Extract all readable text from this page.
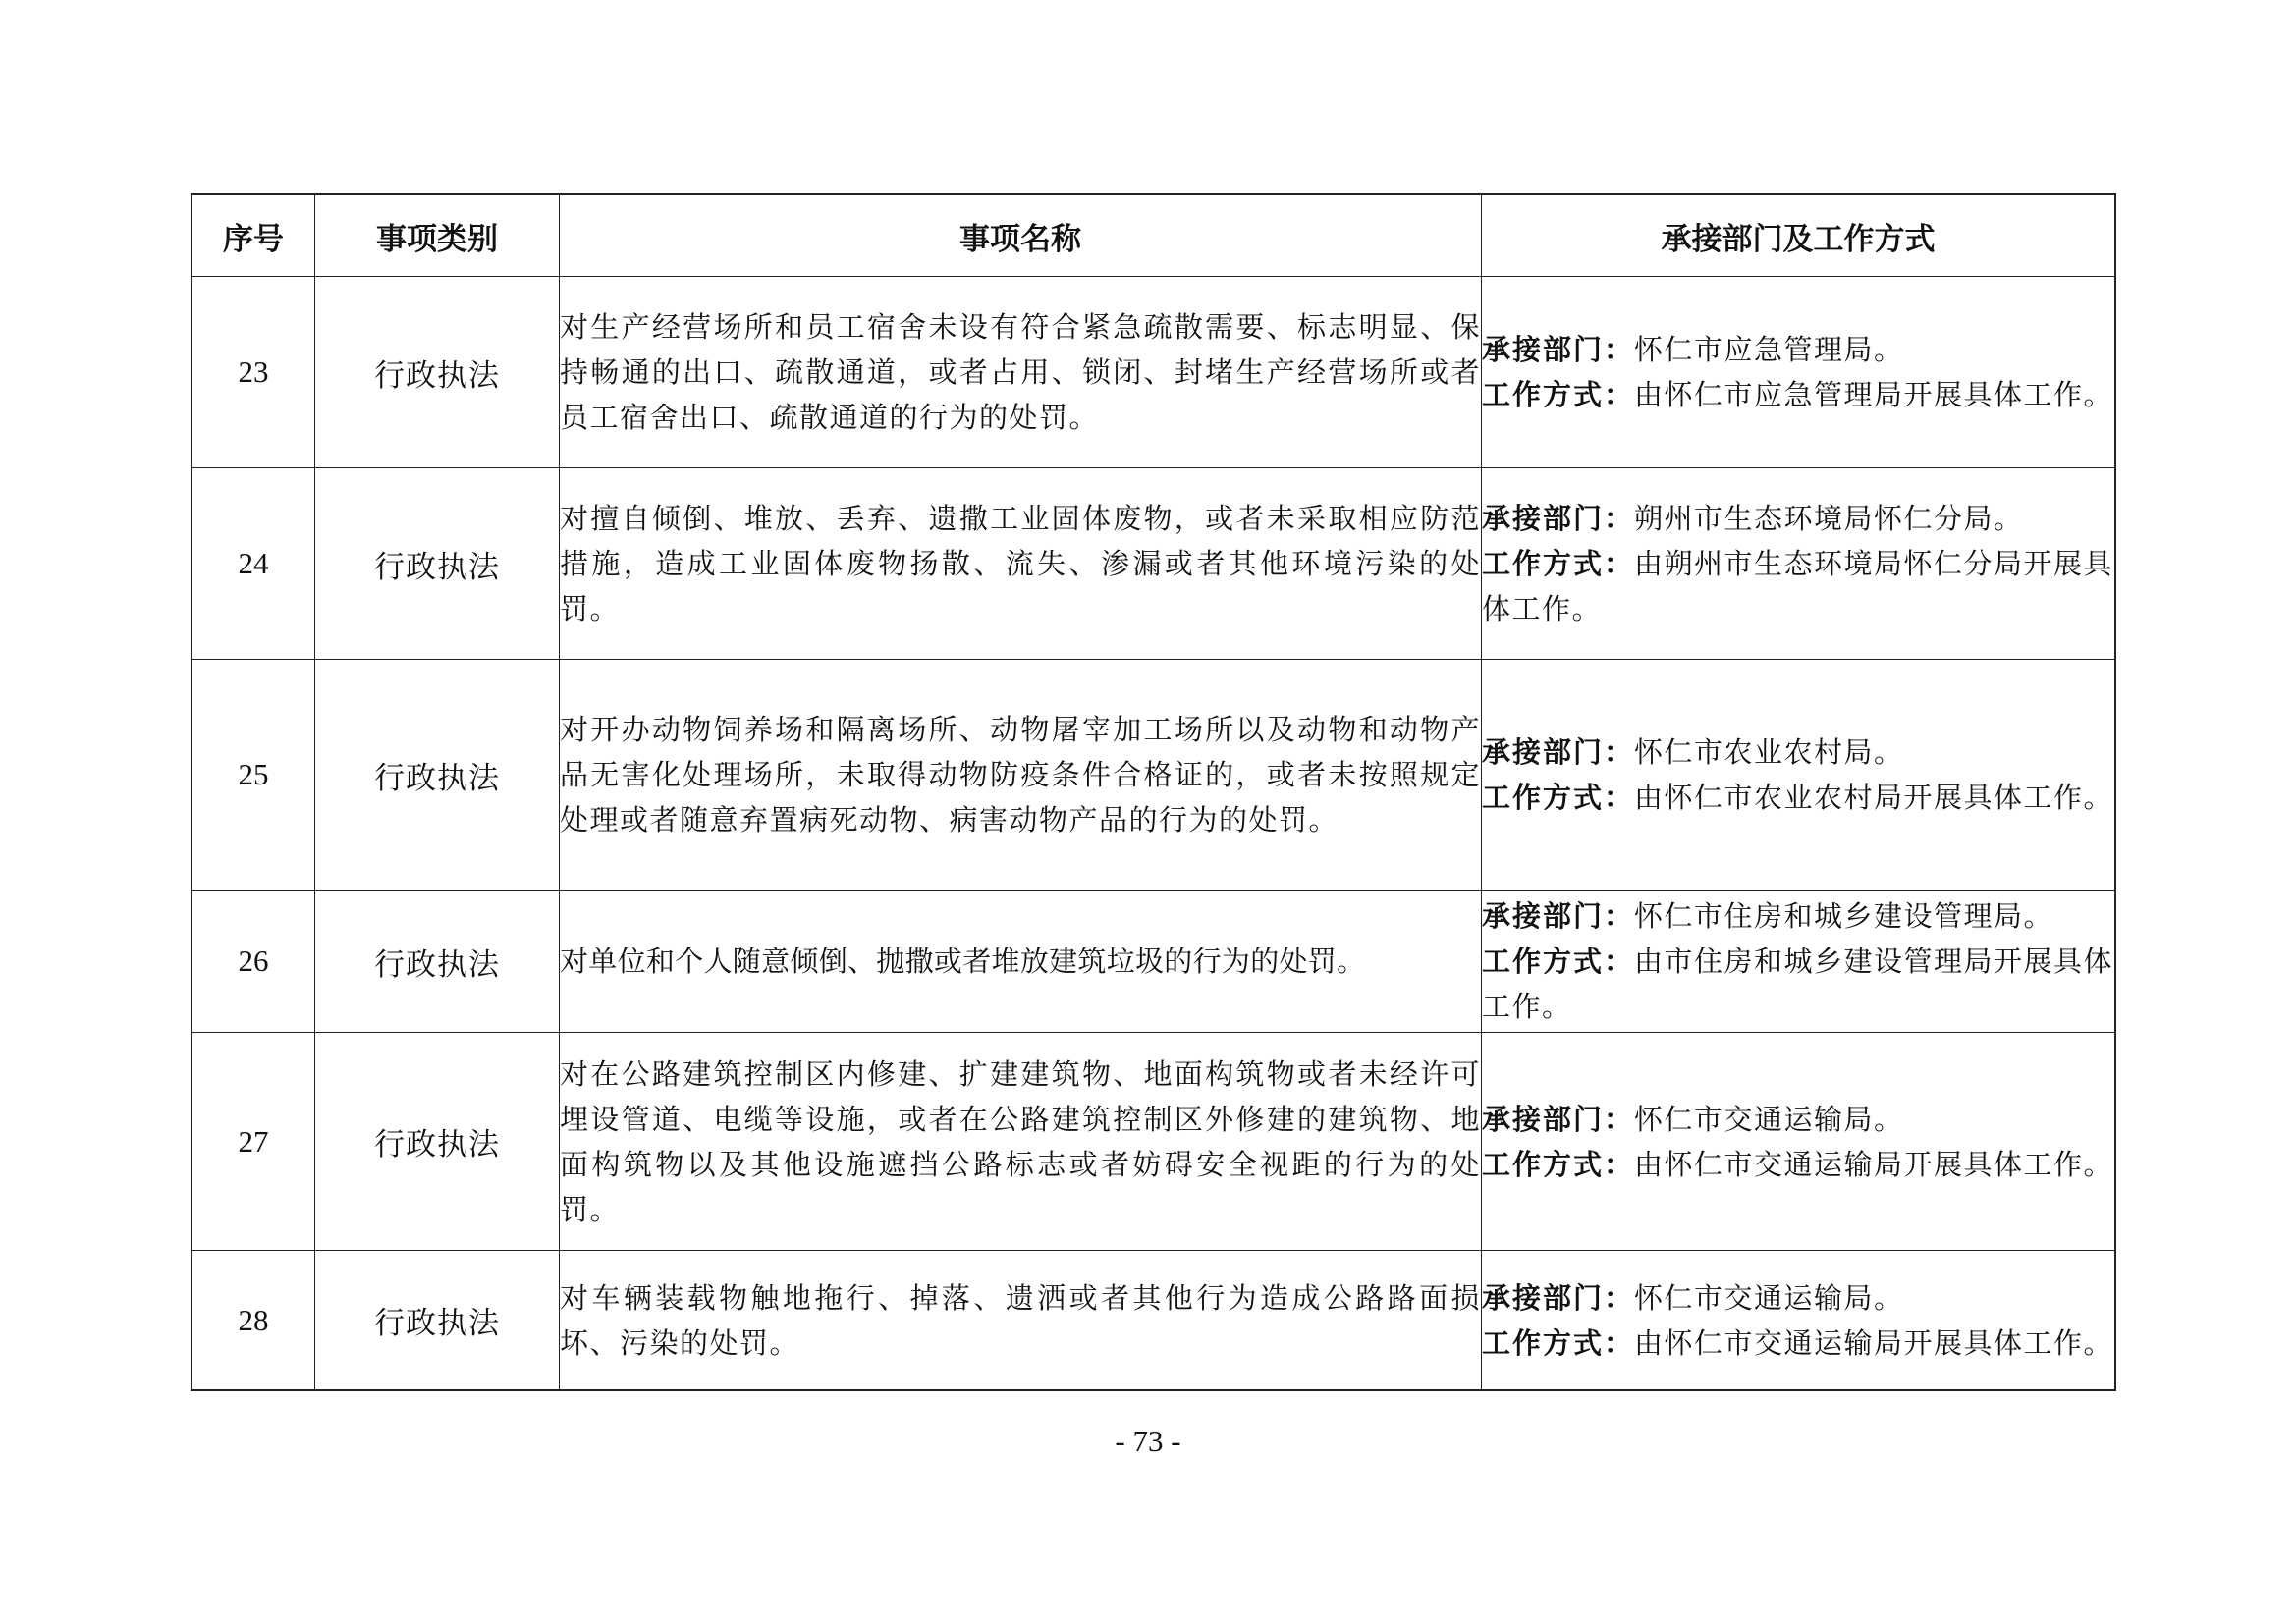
序号	事项类别	事项名称	承接部门及工作方式
23	行政执法	对生产经营场所和员工宿舍未设有符合紧急疏散需要、标志明显、保持畅通的出口、疏散通道，或者占用、锁闭、封堵生产经营场所或者员工宿舍出口、疏散通道的行为的处罚。	承接部门：怀仁市应急管理局。
工作方式：由怀仁市应急管理局开展具体工作。
24	行政执法	对擅自倾倒、堆放、丢弃、遗撒工业固体废物，或者未采取相应防范措施，造成工业固体废物扬散、流失、渗漏或者其他环境污染的处罚。	承接部门：朔州市生态环境局怀仁分局。
工作方式：由朔州市生态环境局怀仁分局开展具体工作。
25	行政执法	对开办动物饲养场和隔离场所、动物屠宰加工场所以及动物和动物产品无害化处理场所，未取得动物防疫条件合格证的，或者未按照规定处理或者随意弃置病死动物、病害动物产品的行为的处罚。	承接部门：怀仁市农业农村局。
工作方式：由怀仁市农业农村局开展具体工作。
26	行政执法	对单位和个人随意倾倒、抛撒或者堆放建筑垃圾的行为的处罚。	承接部门：怀仁市住房和城乡建设管理局。
工作方式：由市住房和城乡建设管理局开展具体工作。
27	行政执法	对在公路建筑控制区内修建、扩建建筑物、地面构筑物或者未经许可埋设管道、电缆等设施，或者在公路建筑控制区外修建的建筑物、地面构筑物以及其他设施遮挡公路标志或者妨碍安全视距的行为的处罚。	承接部门：怀仁市交通运输局。
工作方式：由怀仁市交通运输局开展具体工作。
28	行政执法	对车辆装载物触地拖行、掉落、遗洒或者其他行为造成公路路面损坏、污染的处罚。	承接部门：怀仁市交通运输局。
工作方式：由怀仁市交通运输局开展具体工作。
- 73 -
